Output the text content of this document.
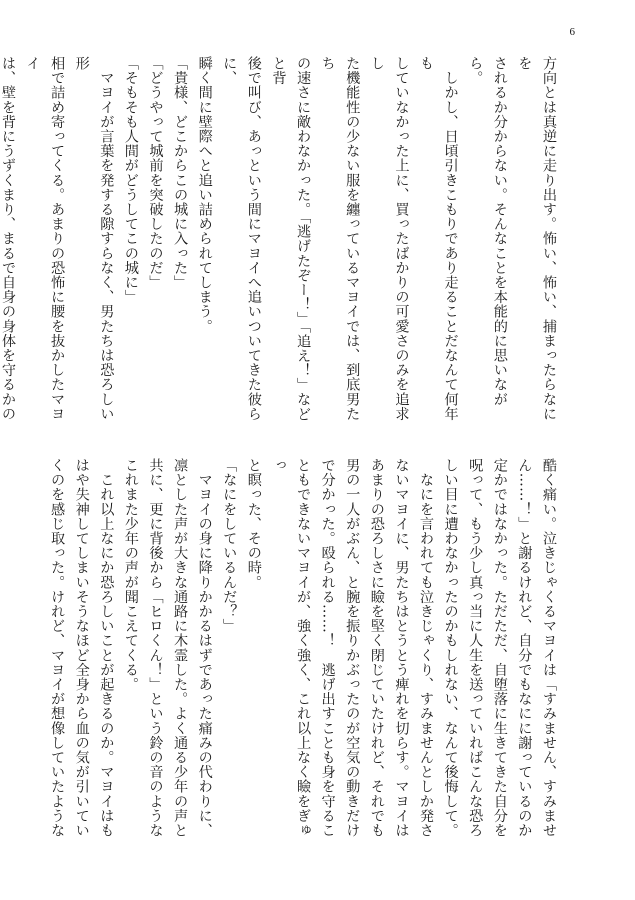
6

方向とは真逆に走り出す。怖い、怖い、捕まったらなにを

されるか分からない。そんなことを本能的に思いながら。

　しかし、日頃引きこもりであり走ることだなんて何年も

していなかった上に、買ったばかりの可愛さのみを追求し

た機能性の少ない服を纏っているマヨイでは、到底男たち

の速さに敵わなかった。「逃げたぞー！」「追え！」などと背

後で叫び、あっという間にマヨイへ追いついてきた彼らに、

瞬く間に壁際へと追い詰められてしまう。

「貴様、どこからこの城に入った」

「どうやって城前を突破したのだ」

「そもそも人間がどうしてこの城に」

　マヨイが言葉を発する隙すらなく、男たちは恐ろしい形

相で詰め寄ってくる。あまりの恐怖に腰を抜かしたマヨイ

は、壁を背にうずくまり、まるで自身の身体を守るかの

酷く痛い。泣きじゃくるマヨイは「すみません、すみませ

ん……！」と謝るけれど、自分でもなにに謝っているのか

定かではなかった。ただただ、自堕落に生きてきた自分を

呪って、もう少し真っ当に人生を送っていればこんな恐ろ

しい目に遭わなかったのかもしれない、なんて後悔して。

　なにを言われても泣きじゃくり、すみませんとしか発さ

ないマヨイに、男たちはとうとう痺れを切らす。マヨイは

あまりの恐ろしさに瞼を堅く閉じていたけれど、それでも

男の一人がぶん、と腕を振りかぶったのが空気の動きだけ

で分かった。殴られる……！　逃げ出すことも身を守るこ

ともできないマヨイが、強く強く、これ以上なく瞼をぎゅっ

と瞑った、その時。

「なにをしているんだ？」

　マヨイの身に降りかかるはずであった痛みの代わりに、

凛とした声が大きな通路に木霊した。よく通る少年の声と

共に、更に背後から「ヒロくん！」という鈴の音のような

これまた少年の声が聞こえてくる。

　これ以上なにか恐ろしいことが起きるのか。マヨイはも

はや失神してしまいそうなほど全身から血の気が引いてい

くのを感じ取った。けれど、マヨイが想像していたような
